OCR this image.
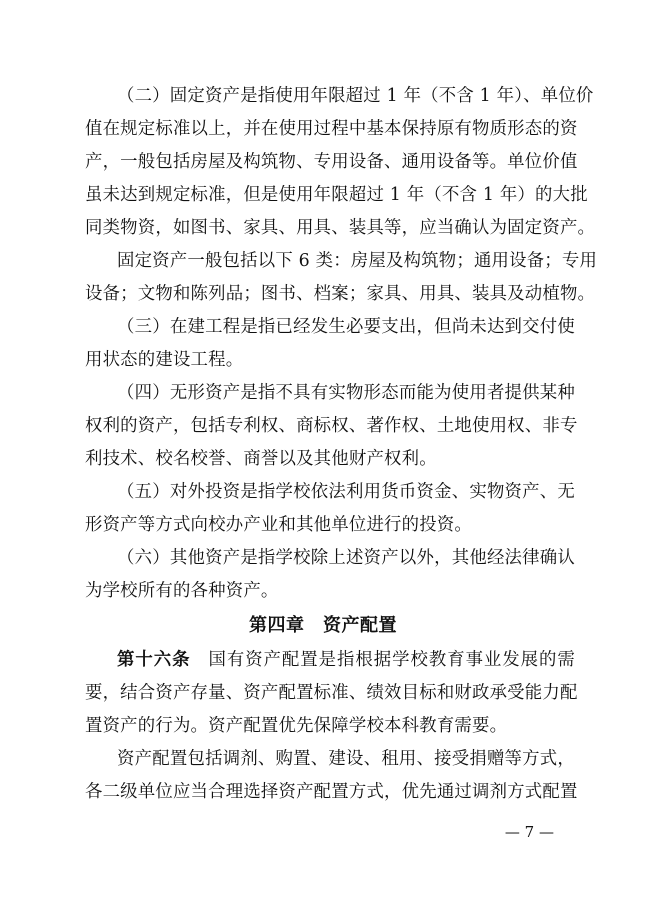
（二）固定资产是指使用年限超过 1 年（不含 1 年）、单位价
值在规定标准以上，并在使用过程中基本保持原有物质形态的资
产，一般包括房屋及构筑物、专用设备、通用设备等。单位价值
虽未达到规定标准，但是使用年限超过 1 年（不含 1 年）的大批
同类物资，如图书、家具、用具、装具等，应当确认为固定资产。
固定资产一般包括以下 6 类：房屋及构筑物；通用设备；专用
设备；文物和陈列品；图书、档案；家具、用具、装具及动植物。
（三）在建工程是指已经发生必要支出，但尚未达到交付使
用状态的建设工程。
（四）无形资产是指不具有实物形态而能为使用者提供某种
权利的资产，包括专利权、商标权、著作权、土地使用权、非专
利技术、校名校誉、商誉以及其他财产权利。
（五）对外投资是指学校依法利用货币资金、实物资产、无
形资产等方式向校办产业和其他单位进行的投资。
（六）其他资产是指学校除上述资产以外，其他经法律确认
为学校所有的各种资产。
第四章　资产配置
第十六条 国有资产配置是指根据学校教育事业发展的需
要，结合资产存量、资产配置标准、绩效目标和财政承受能力配
置资产的行为。资产配置优先保障学校本科教育需要。
资产配置包括调剂、购置、建设、租用、接受捐赠等方式，
各二级单位应当合理选择资产配置方式，优先通过调剂方式配置
— 7 —
